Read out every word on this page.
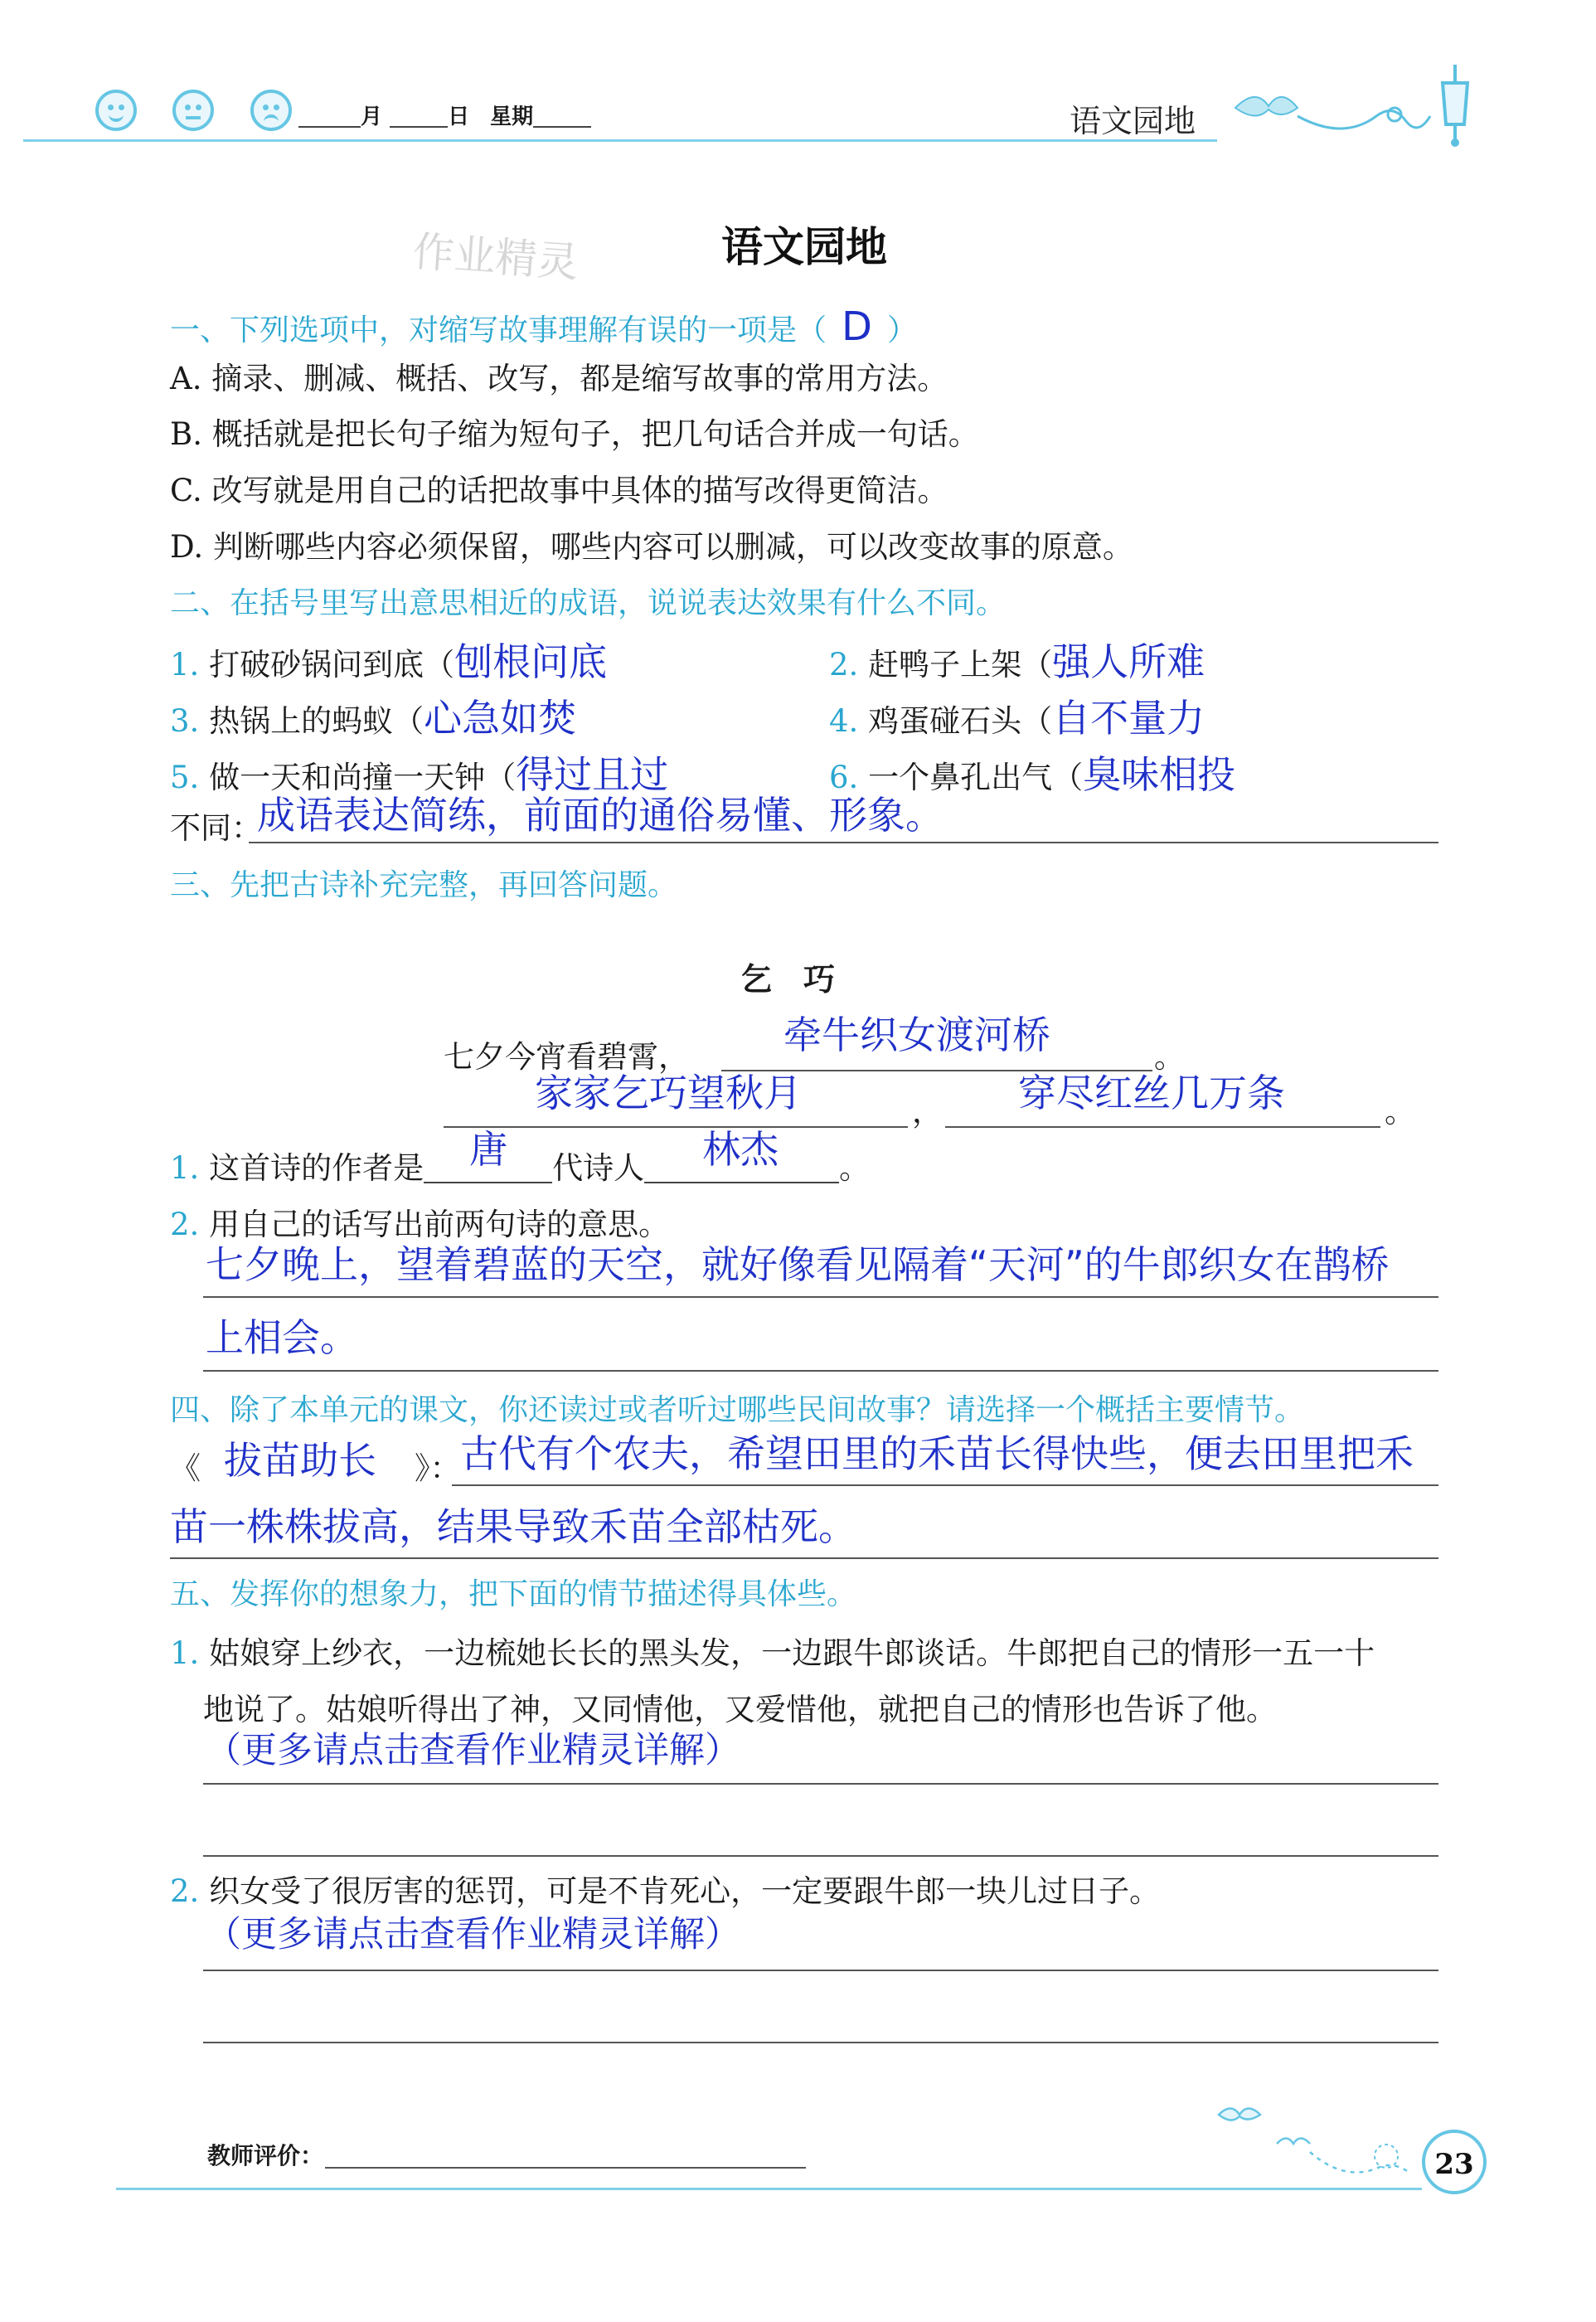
月	日 星期	语文园地
语文园地
作业精灵
一、下列选项中，对缩写故事理解有误的一项是（ D ）
A. 摘录、删减、概括、改写，都是缩写故事的常用方法。
B. 概括就是把长句子缩为短句子，把几句话合并成一句话。
C. 改写就是用自己的话把故事中具体的描写改得更简洁。
D. 判断哪些内容必须保留，哪些内容可以删减，可以改变故事的原意。
二、在括号里写出意思相近的成语，说说表达效果有什么不同。
1. 打破砂锅问到底（刨根问底	2. 赶鸭子上架（强人所难
3. 热锅上的蚂蚁（心急如焚	4. 鸡蛋碰石头（自不量力
5. 做一天和尚撞一天钟（得过且过	6. 一个鼻孔出气（臭味相投
不同：
成语表达简练，前面的通俗易懂、形象。
三、先把古诗补充完整，再回答问题。
乞　巧
七夕今宵看碧霄， 牵牛织女渡河桥	。
家家乞巧望秋月	， 穿尽红丝几万条	。
1. 这首诗的作者是 唐 代诗人 林杰 。
2. 用自己的话写出前两句诗的意思。
七夕晚上，望着碧蓝的天空，就好像看见隔着“天河”的牛郎织女在鹊桥
上相会。
四、除了本单元的课文，你还读过或者听过哪些民间故事？请选择一个概括主要情节。
《 拔苗助长 》： 古代有个农夫，希望田里的禾苗长得快些，便去田里把禾
苗一株株拔高，结果导致禾苗全部枯死。
五、发挥你的想象力，把下面的情节描述得具体些。
1. 姑娘穿上纱衣，一边梳她长长的黑头发，一边跟牛郎谈话。牛郎把自己的情形一五一十
地说了。姑娘听得出了神，又同情他，又爱惜他，就把自己的情形也告诉了他。
（更多请点击查看作业精灵详解）
2. 织女受了很厉害的惩罚，可是不肯死心，一定要跟牛郎一块儿过日子。
（更多请点击查看作业精灵详解）
教师评价：	23
